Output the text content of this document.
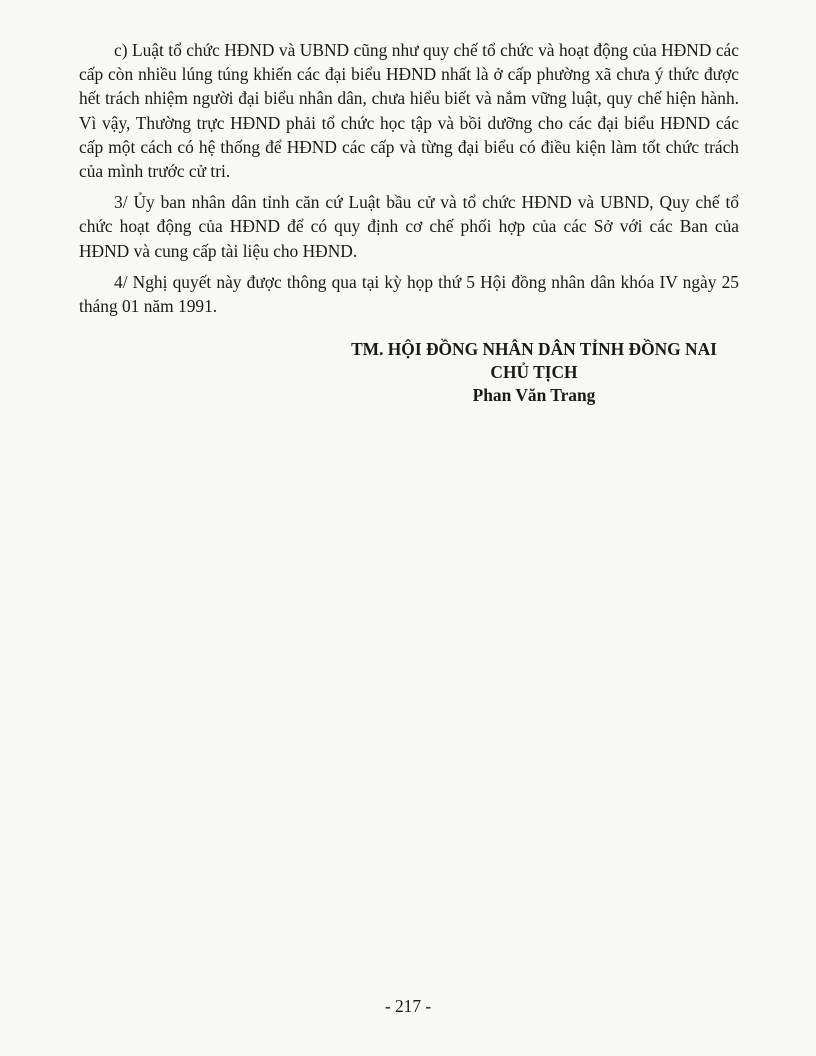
c) Luật tổ chức HĐND và UBND cũng như quy chế tổ chức và hoạt động của HĐND các cấp còn nhiều lúng túng khiến các đại biểu HĐND nhất là ở cấp phường xã chưa ý thức được hết trách nhiệm người đại biểu nhân dân, chưa hiểu biết và nắm vững luật, quy chế hiện hành. Vì vậy, Thường trực HĐND phải tổ chức học tập và bồi dưỡng cho các đại biểu HĐND các cấp một cách có hệ thống để HĐND các cấp và từng đại biểu có điều kiện làm tốt chức trách của mình trước cử tri.

3/ Ủy ban nhân dân tỉnh căn cứ Luật bầu cử và tổ chức HĐND và UBND, Quy chế tổ chức hoạt động của HĐND để có quy định cơ chế phối hợp của các Sở với các Ban của HĐND và cung cấp tài liệu cho HĐND.

4/ Nghị quyết này được thông qua tại kỳ họp thứ 5 Hội đồng nhân dân khóa IV ngày 25 tháng 01 năm 1991.

TM. HỘI ĐỒNG NHÂN DÂN TỈNH ĐỒNG NAI
CHỦ TỊCH
Phan Văn Trang
- 217 -
